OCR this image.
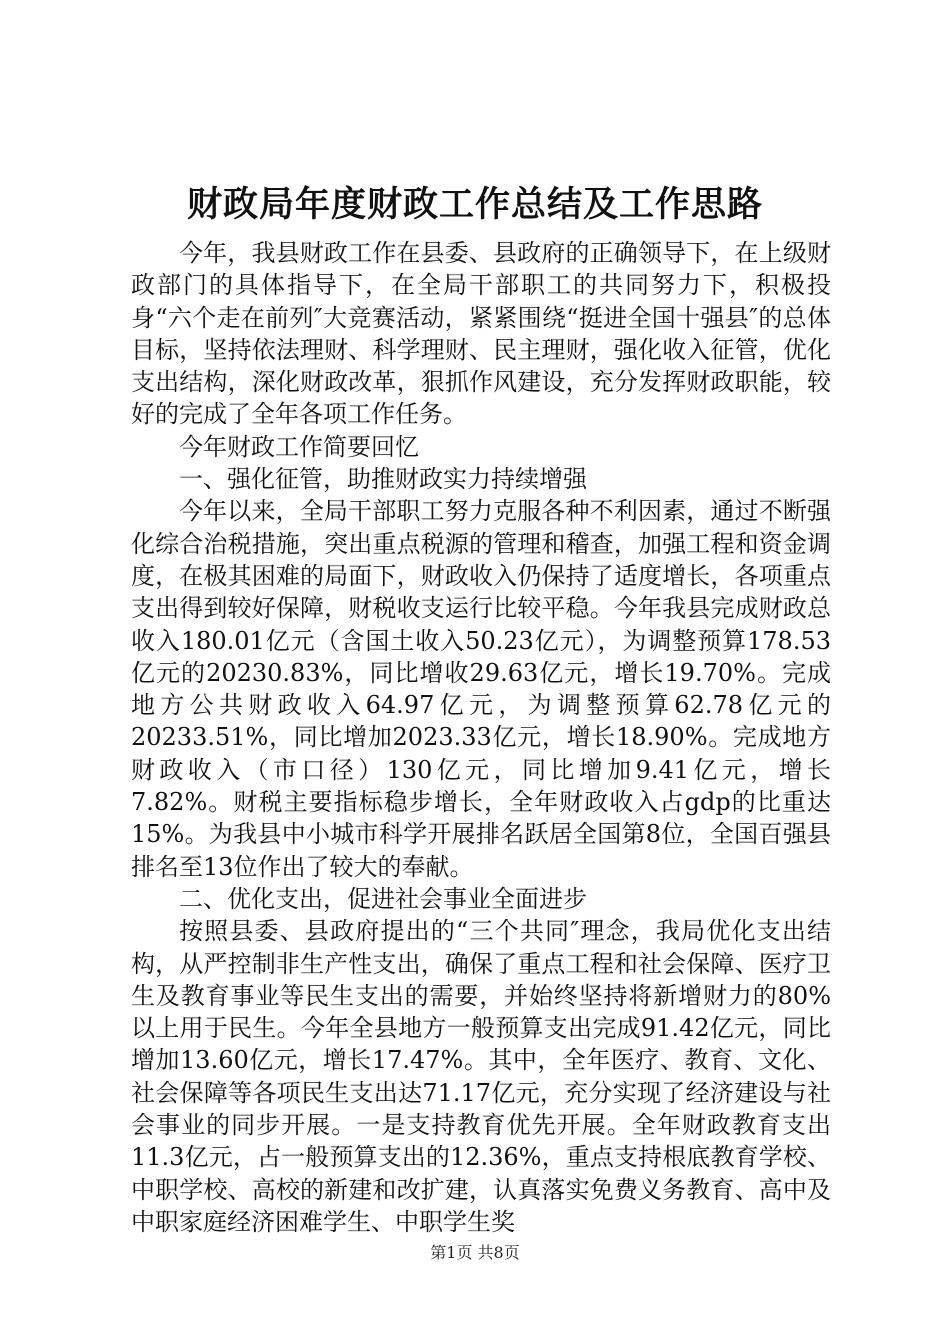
财政局年度财政工作总结及工作思路

今年，我县财政工作在县委、县政府的正确领导下，在上级财政部门的具体指导下，在全局干部职工的共同努力下，积极投身“六个走在前列″大竞赛活动，紧紧围绕“挺进全国十强县″的总体目标，坚持依法理财、科学理财、民主理财，强化收入征管，优化支出结构，深化财政改革，狠抓作风建设，充分发挥财政职能，较好的完成了全年各项工作任务。

今年财政工作简要回忆

一、强化征管，助推财政实力持续增强

今年以来，全局干部职工努力克服各种不利因素，通过不断强化综合治税措施，突出重点税源的管理和稽查，加强工程和资金调度，在极其困难的局面下，财政收入仍保持了适度增长，各项重点支出得到较好保障，财税收支运行比较平稳。今年我县完成财政总收入180.01亿元（含国土收入50.23亿元），为调整预算178.53亿元的20230.83%，同比增收29.63亿元，增长19.70%。完成地方公共财政收入64.97亿元，为调整预算62.78亿元的20233.51%，同比增加2023.33亿元，增长18.90%。完成地方财政收入（市口径）130亿元，同比增加9.41亿元，增长7.82%。财税主要指标稳步增长，全年财政收入占gdp的比重达15%。为我县中小城市科学开展排名跃居全国第8位，全国百强县排名至13位作出了较大的奉献。

二、优化支出，促进社会事业全面进步

按照县委、县政府提出的“三个共同″理念，我局优化支出结构，从严控制非生产性支出，确保了重点工程和社会保障、医疗卫生及教育事业等民生支出的需要，并始终坚持将新增财力的80%以上用于民生。今年全县地方一般预算支出完成91.42亿元，同比增加13.60亿元，增长17.47%。其中，全年医疗、教育、文化、社会保障等各项民生支出达71.17亿元，充分实现了经济建设与社会事业的同步开展。一是支持教育优先开展。全年财政教育支出11.3亿元，占一般预算支出的12.36%，重点支持根底教育学校、中职学校、高校的新建和改扩建，认真落实免费义务教育、高中及中职家庭经济困难学生、中职学生奖

第1页 共8页
